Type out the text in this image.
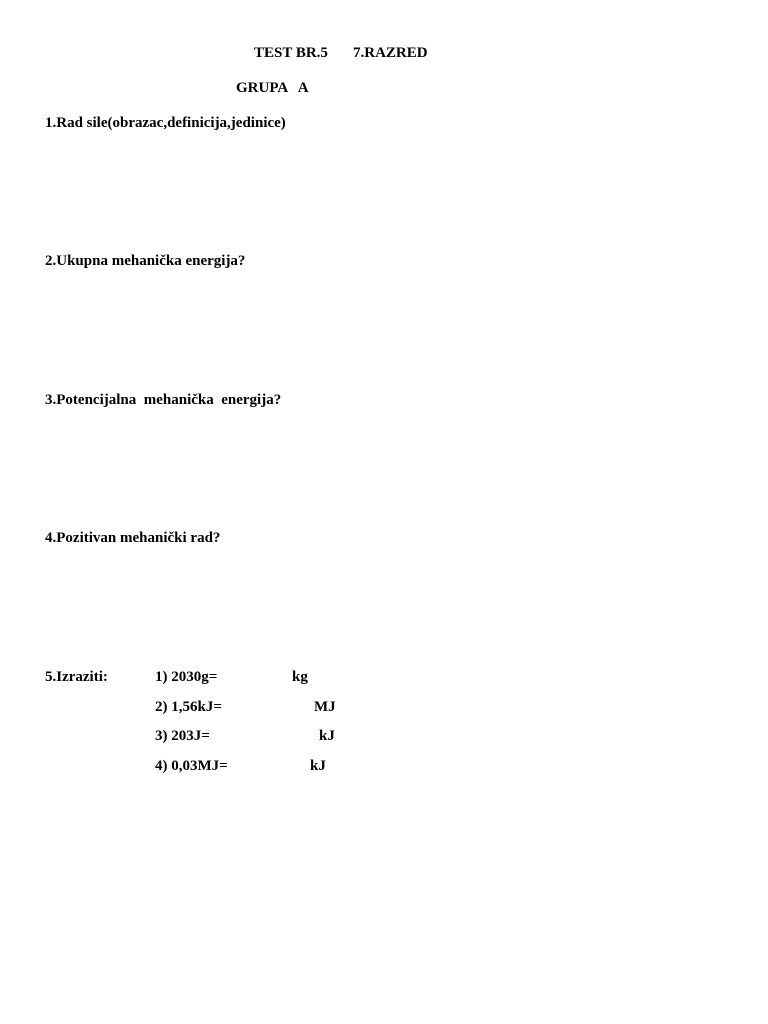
TEST BR.5 7.RAZRED
GRUPA   A
1.Rad sile(obrazac,definicija,jedinice)
2.Ukupna mehanička energija?
3.Potencijalna  mehanička  energija?
4.Pozitivan mehanički rad?
5.Izraziti:	1) 2030g=	kg
2) 1,56kJ=	MJ
3) 203J=	kJ
4) 0,03MJ=	kJ
